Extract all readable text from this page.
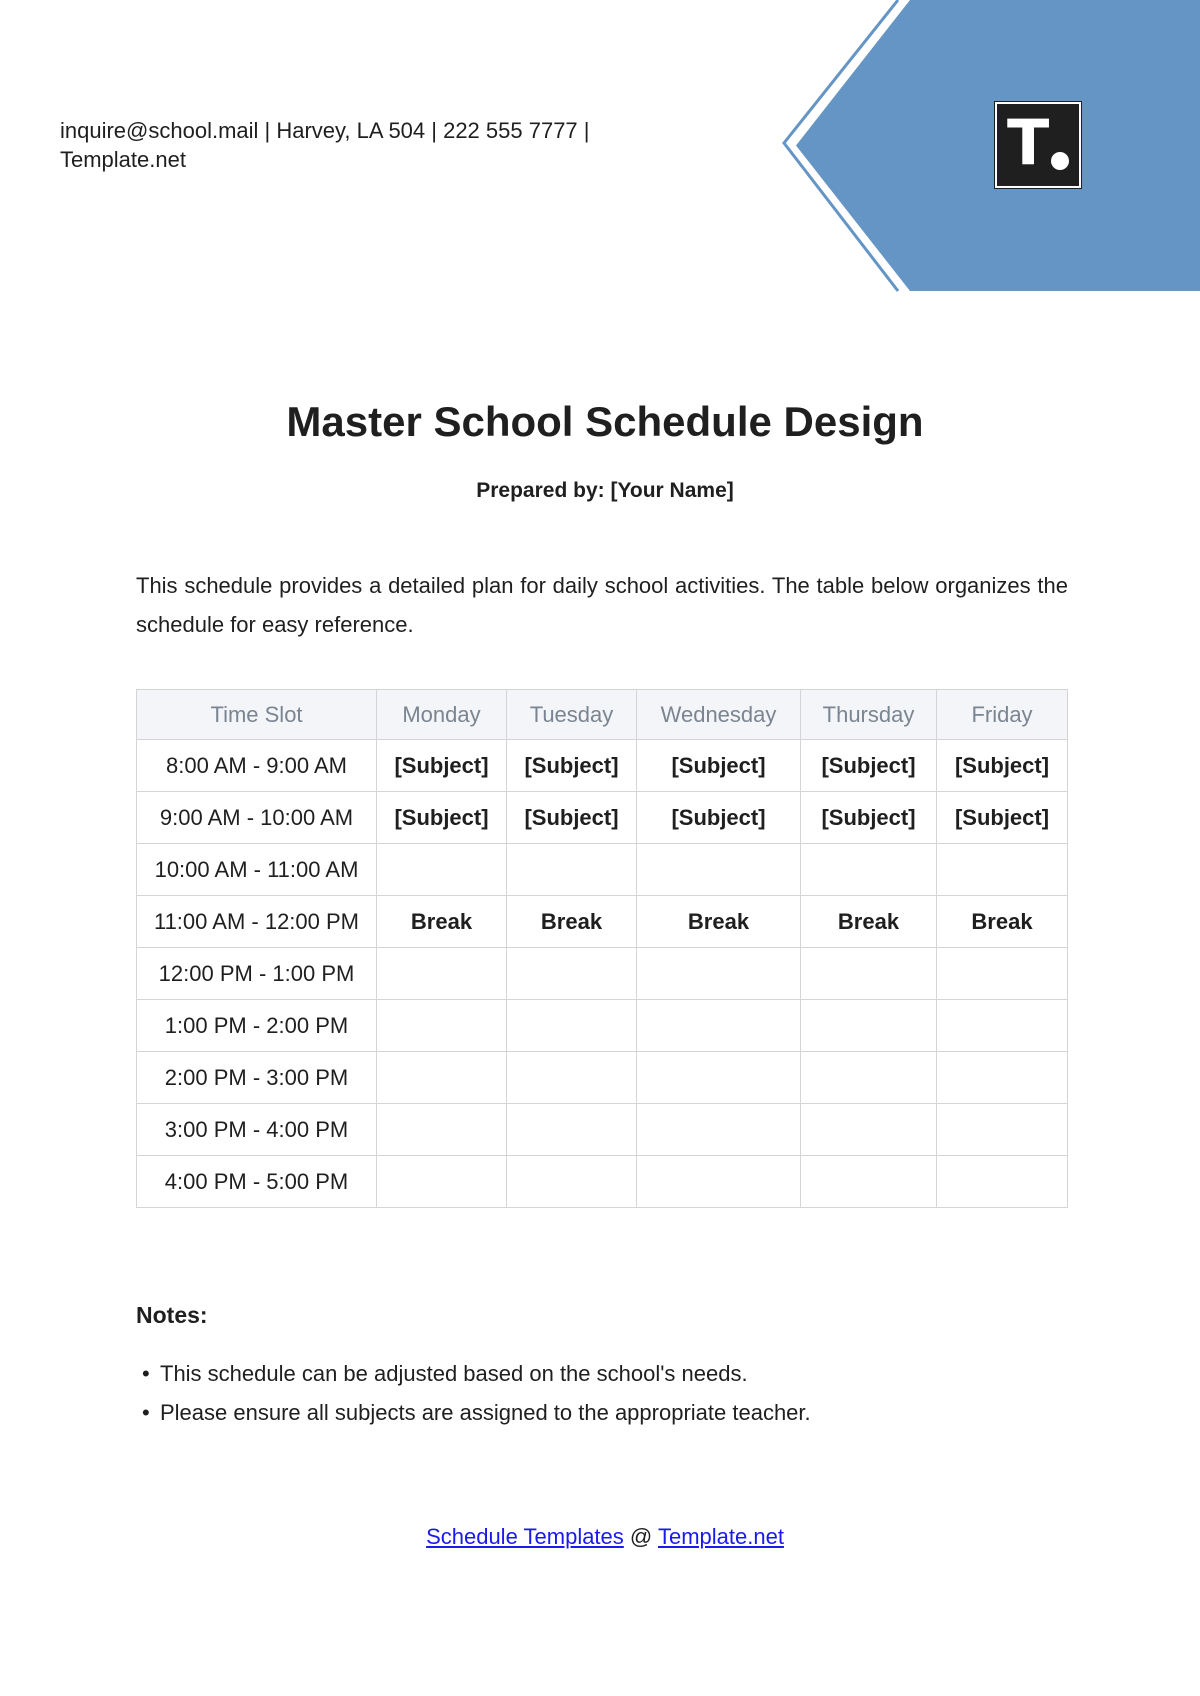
inquire@school.mail | Harvey, LA 504 | 222 555 7777 |
Template.net	T
Master School Schedule Design
Prepared by: [Your Name]

This schedule provides a detailed plan for daily school activities. The table below organizes the schedule for easy reference.

Time Slot	Monday	Tuesday	Wednesday	Thursday	Friday
8:00 AM - 9:00 AM	[Subject]	[Subject]	[Subject]	[Subject]	[Subject]
9:00 AM - 10:00 AM	[Subject]	[Subject]	[Subject]	[Subject]	[Subject]
10:00 AM - 11:00 AM					
11:00 AM - 12:00 PM	Break	Break	Break	Break	Break
12:00 PM - 1:00 PM					
1:00 PM - 2:00 PM					
2:00 PM - 3:00 PM					
3:00 PM - 4:00 PM					
4:00 PM - 5:00 PM					
Notes:
• This schedule can be adjusted based on the school's needs.
• Please ensure all subjects are assigned to the appropriate teacher.
Schedule Templates @ Template.net
